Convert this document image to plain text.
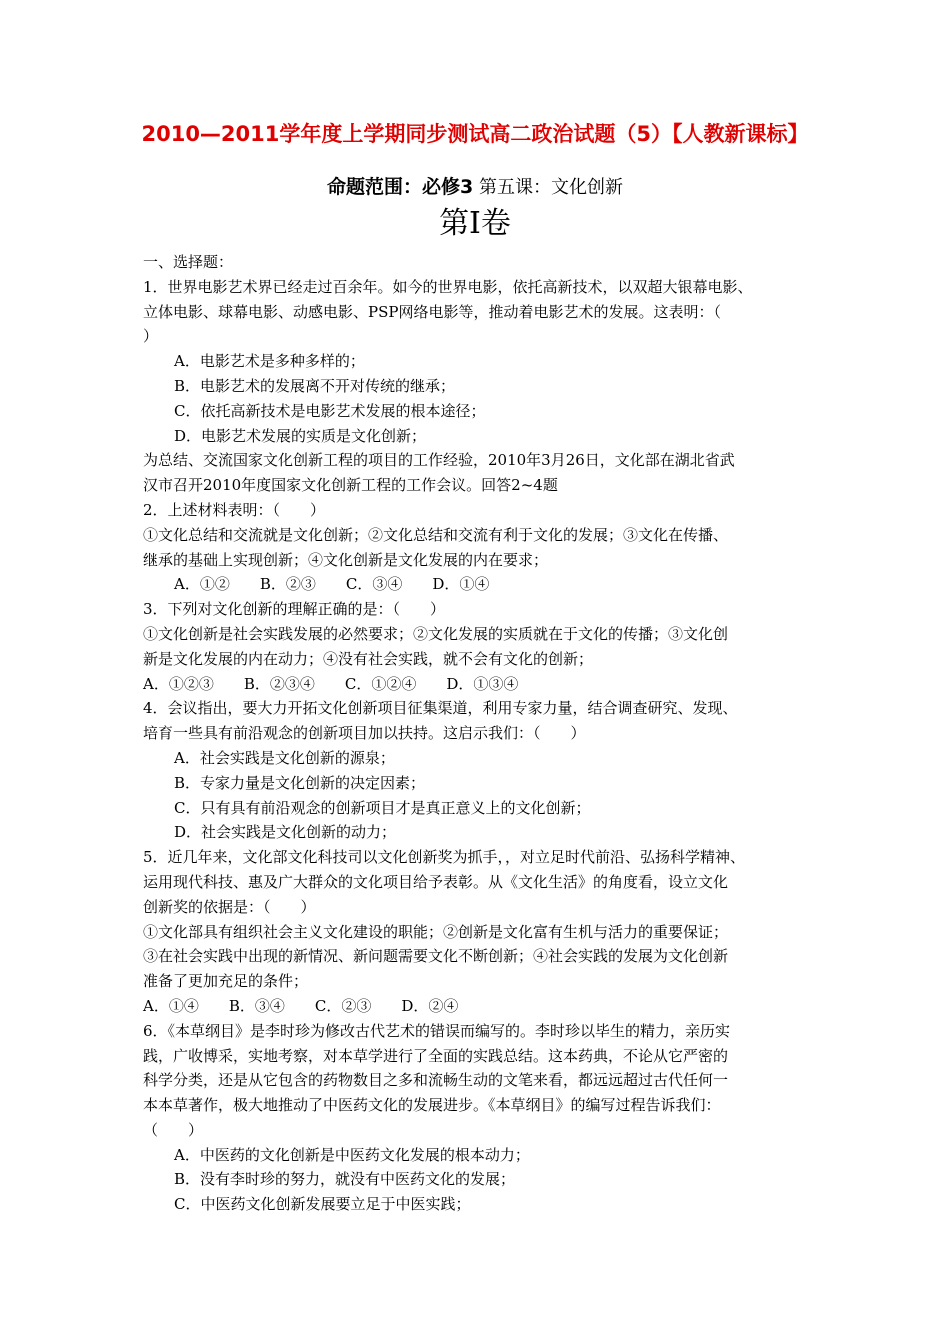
2010—2011学年度上学期同步测试高二政治试题（5）【人教新课标】
命题范围：必修3 第五课：文化创新
第Ⅰ卷

一、选择题：

1．世界电影艺术界已经走过百余年。如今的世界电影，依托高新技术，以双超大银幕电影、

立体电影、球幕电影、动感电影、PSP网络电影等，推动着电影艺术的发展。这表明：（

）

A．电影艺术是多种多样的；

B．电影艺术的发展离不开对传统的继承；

C．依托高新技术是电影艺术发展的根本途径；

D．电影艺术发展的实质是文化创新；

为总结、交流国家文化创新工程的项目的工作经验，2010年3月26日，文化部在湖北省武

汉市召开2010年度国家文化创新工程的工作会议。回答2~4题

2．上述材料表明：（　　）

①文化总结和交流就是文化创新；②文化总结和交流有利于文化的发展；③文化在传播、

继承的基础上实现创新；④文化创新是文化发展的内在要求；

A．①②　　B．②③　　C．③④　　D．①④

3．下列对文化创新的理解正确的是：（　　）

①文化创新是社会实践发展的必然要求；②文化发展的实质就在于文化的传播；③文化创

新是文化发展的内在动力；④没有社会实践，就不会有文化的创新；

A．①②③　　B．②③④　　C．①②④　　D．①③④

4．会议指出，要大力开拓文化创新项目征集渠道，利用专家力量，结合调查研究、发现、

培育一些具有前沿观念的创新项目加以扶持。这启示我们：（　　）

A．社会实践是文化创新的源泉；

B．专家力量是文化创新的决定因素；

C．只有具有前沿观念的创新项目才是真正意义上的文化创新；

D．社会实践是文化创新的动力；

5．近几年来，文化部文化科技司以文化创新奖为抓手，，对立足时代前沿、弘扬科学精神、

运用现代科技、惠及广大群众的文化项目给予表彰。从《文化生活》的角度看，设立文化

创新奖的依据是：（　　）

①文化部具有组织社会主义文化建设的职能；②创新是文化富有生机与活力的重要保证；

③在社会实践中出现的新情况、新问题需要文化不断创新；④社会实践的发展为文化创新

准备了更加充足的条件；

A．①④　　B．③④　　C．②③　　D．②④

6．《本草纲目》是李时珍为修改古代艺术的错误而编写的。李时珍以毕生的精力，亲历实

践，广收博采，实地考察，对本草学进行了全面的实践总结。这本药典，不论从它严密的

科学分类，还是从它包含的药物数目之多和流畅生动的文笔来看，都远远超过古代任何一

本本草著作，极大地推动了中医药文化的发展进步。《本草纲目》的编写过程告诉我们：

（　　）

A．中医药的文化创新是中医药文化发展的根本动力；

B．没有李时珍的努力，就没有中医药文化的发展；

C．中医药文化创新发展要立足于中医实践；
